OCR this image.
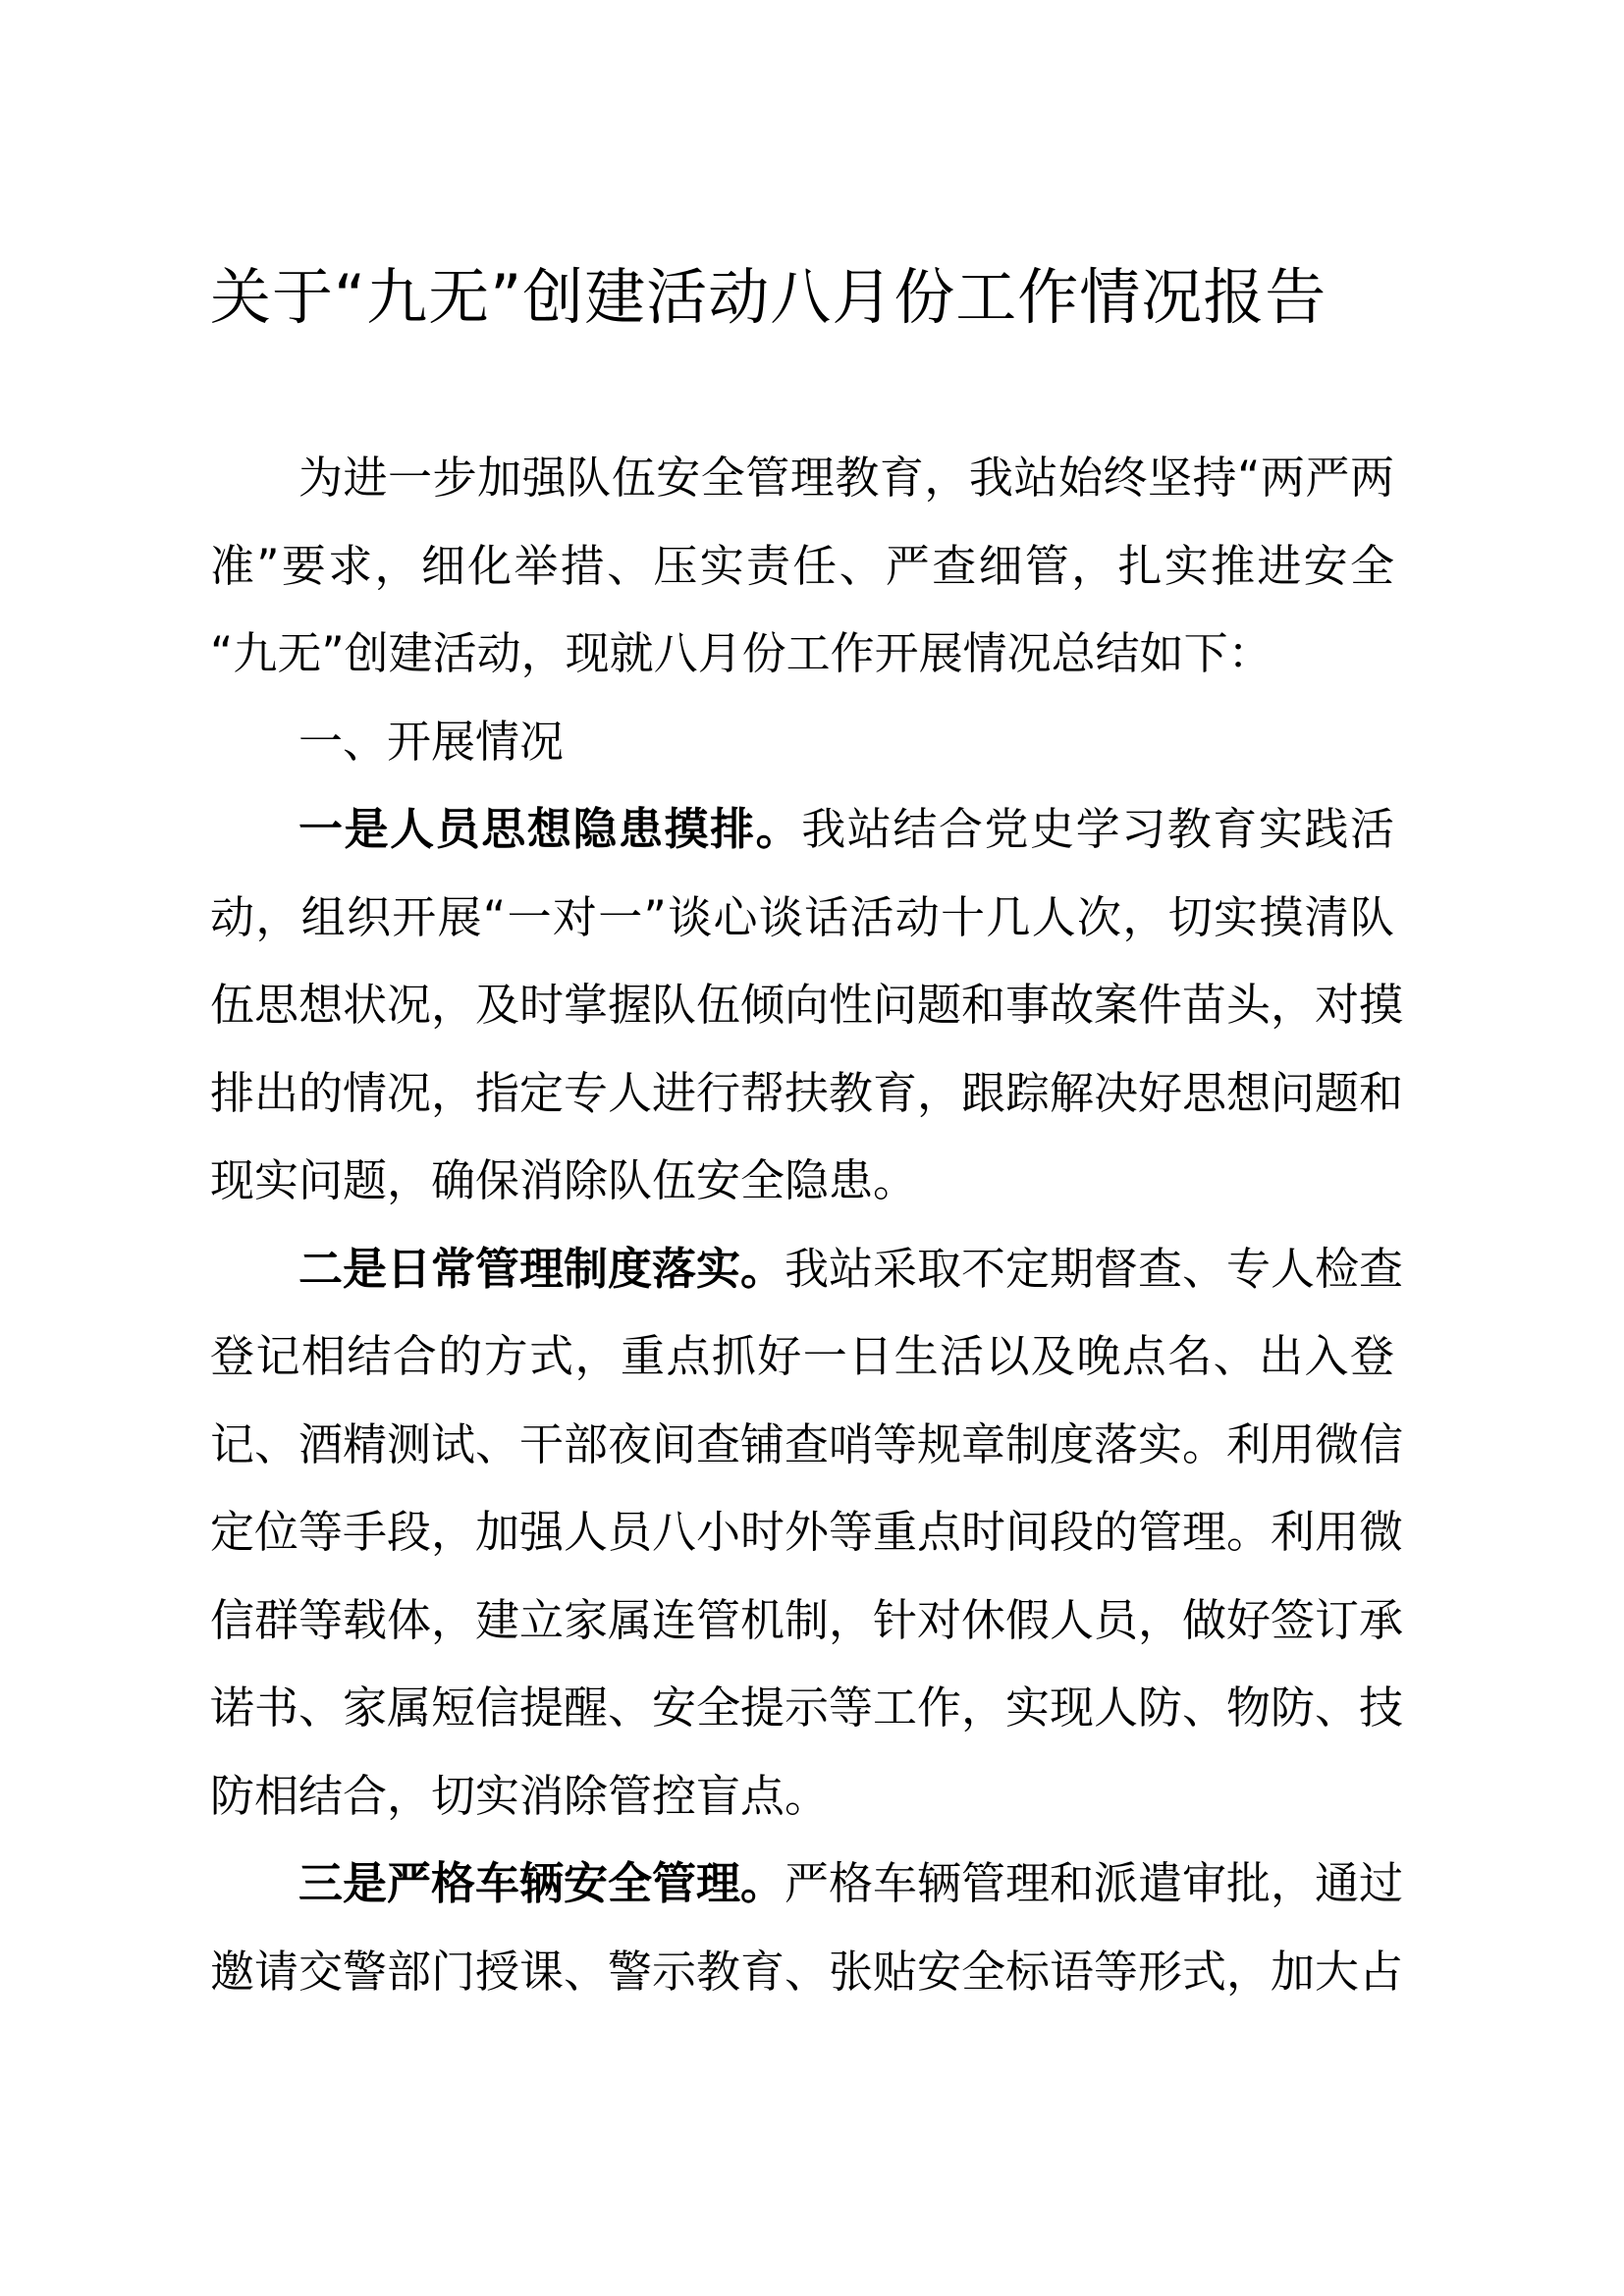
关于“九无”创建活动八月份工作情况报告
为进一步加强队伍安全管理教育，我站始终坚持“两严两
准”要求，细化举措、压实责任、严查细管，扎实推进安全
“九无”创建活动，现就八月份工作开展情况总结如下：
一、开展情况
一是人员思想隐患摸排。我站结合党史学习教育实践活
动，组织开展“一对一”谈心谈话活动十几人次，切实摸清队
伍思想状况，及时掌握队伍倾向性问题和事故案件苗头，对摸
排出的情况，指定专人进行帮扶教育，跟踪解决好思想问题和
现实问题，确保消除队伍安全隐患。
二是日常管理制度落实。我站采取不定期督查、专人检查
登记相结合的方式，重点抓好一日生活以及晚点名、出入登
记、酒精测试、干部夜间查铺查哨等规章制度落实。利用微信
定位等手段，加强人员八小时外等重点时间段的管理。利用微
信群等载体，建立家属连管机制，针对休假人员，做好签订承
诺书、家属短信提醒、安全提示等工作，实现人防、物防、技
防相结合，切实消除管控盲点。
三是严格车辆安全管理。严格车辆管理和派遣审批，通过
邀请交警部门授课、警示教育、张贴安全标语等形式，加大占
